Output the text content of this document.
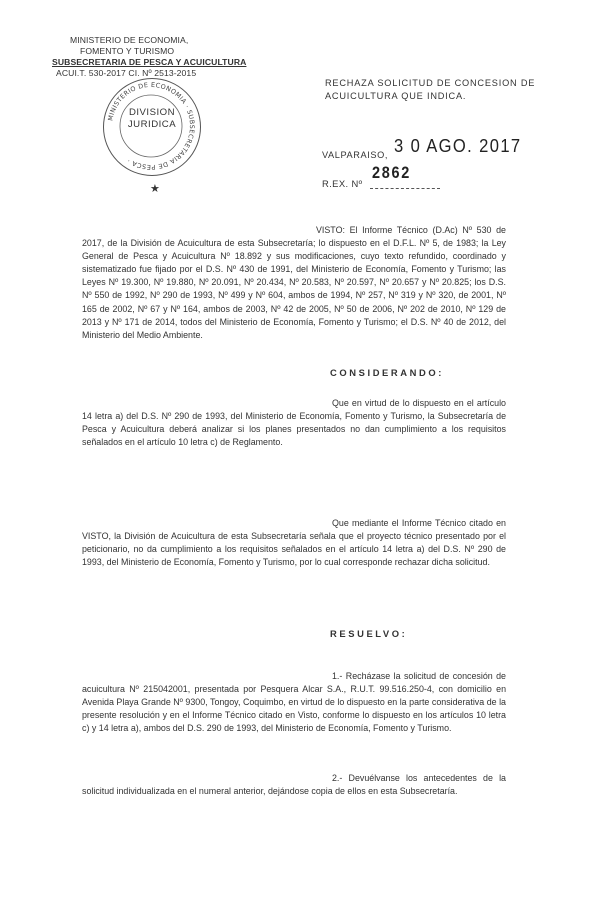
MINISTERIO DE ECONOMIA,
FOMENTO Y TURISMO
SUBSECRETARIA DE PESCA Y ACUICULTURA
ACUI.T. 530-2017 CI. Nº 2513-2015
MINISTERIO DE ECONOMIA · SUBSECRETARIA DE PESCA ·
DIVISION
JURIDICA
★
RECHAZA SOLICITUD DE CONCESION DE
ACUICULTURA QUE INDICA.
VALPARAISO, 3 0 AGO. 2017
R.EX. Nº
2862
VISTO: El Informe Técnico (D.Ac) Nº 530 de 2017, de la División de Acuicultura de esta Subsecretaría; lo dispuesto en el D.F.L. Nº 5, de 1983; la Ley General de Pesca y Acuicultura Nº 18.892 y sus modificaciones, cuyo texto refundido, coordinado y sistematizado fue fijado por el D.S. Nº 430 de 1991, del Ministerio de Economía, Fomento y Turismo; las Leyes Nº 19.300, Nº 19.880, Nº 20.091, Nº 20.434, Nº 20.583, Nº 20.597, Nº 20.657 y Nº 20.825; los D.S. Nº 550 de 1992, Nº 290 de 1993, Nº 499 y Nº 604, ambos de 1994, Nº 257, Nº 319 y Nº 320, de 2001, Nº 165 de 2002, Nº 67 y Nº 164, ambos de 2003, Nº 42 de 2005, Nº 50 de 2006, Nº 202 de 2010, Nº 129 de 2013 y Nº 171 de 2014, todos del Ministerio de Economía, Fomento y Turismo; el D.S. Nº 40 de 2012, del Ministerio del Medio Ambiente.
CONSIDERANDO:
Que en virtud de lo dispuesto en el artículo 14 letra a) del D.S. Nº 290 de 1993, del Ministerio de Economía, Fomento y Turismo, la Subsecretaría de Pesca y Acuicultura deberá analizar si los planes presentados no dan cumplimiento a los requisitos señalados en el artículo 10 letra c) de Reglamento.
Que mediante el Informe Técnico citado en VISTO, la División de Acuicultura de esta Subsecretaría señala que el proyecto técnico presentado por el peticionario, no da cumplimiento a los requisitos señalados en el artículo 14 letra a) del D.S. Nº 290 de 1993, del Ministerio de Economía, Fomento y Turismo, por lo cual corresponde rechazar dicha solicitud.
RESUELVO:
1.- Recházase la solicitud de concesión de acuicultura Nº 215042001, presentada por Pesquera Alcar S.A., R.U.T. 99.516.250-4, con domicilio en Avenida Playa Grande Nº 9300, Tongoy, Coquimbo, en virtud de lo dispuesto en la parte considerativa de la presente resolución y en el Informe Técnico citado en Visto, conforme lo dispuesto en los artículos 10 letra c) y 14 letra a), ambos del D.S. 290 de 1993, del Ministerio de Economía, Fomento y Turismo.
2.- Devuélvanse los antecedentes de la solicitud individualizada en el numeral anterior, dejándose copia de ellos en esta Subsecretaría.
